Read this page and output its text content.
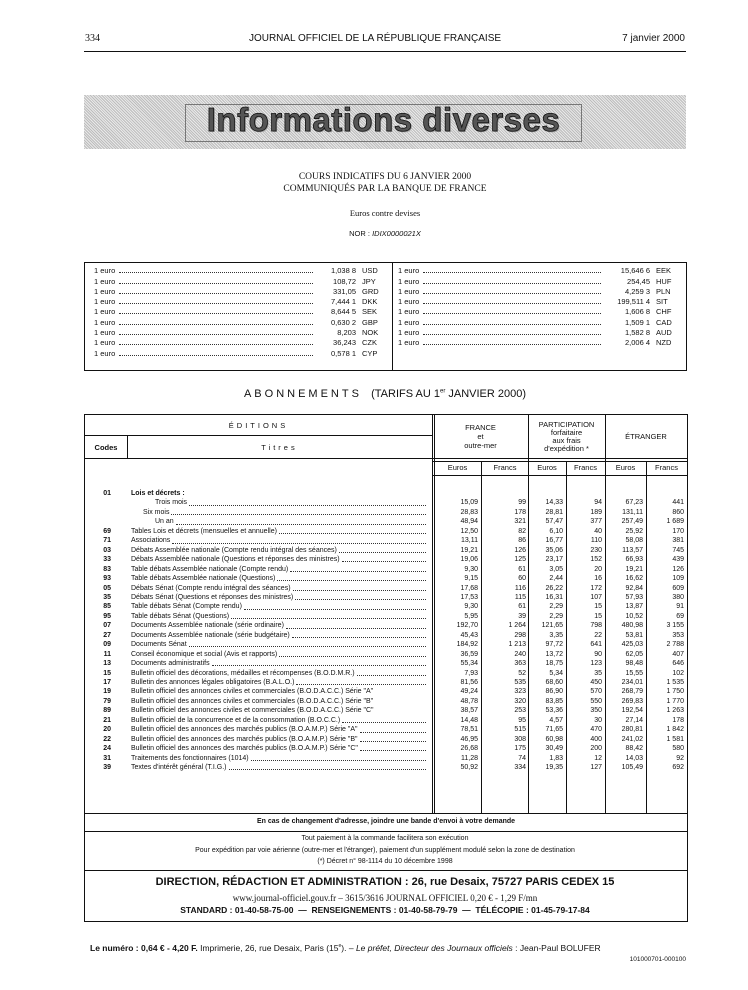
334	JOURNAL OFFICIEL DE LA RÉPUBLIQUE FRANÇAISE	7 janvier 2000
Informations diverses
COURS INDICATIFS DU 6 JANVIER 2000
COMMUNIQUÉS PAR LA BANQUE DE FRANCE
Euros contre devises
NOR : IDIX0000021X
1 euro	1,038 8 USD
1 euro	108,72 JPY
1 euro	331,05 GRD
1 euro	7,444 1 DKK
1 euro	8,644 5 SEK
1 euro	0,630 2 GBP
1 euro	8,203 NOK
1 euro	36,243 CZK
1 euro	0,578 1 CYP
1 euro	15,646 6 EEK
1 euro	254,45 HUF
1 euro	4,259 3 PLN
1 euro	199,511 4 SIT
1 euro	1,606 8 CHF
1 euro	1,509 1 CAD
1 euro	1,582 8 AUD
1 euro	2,006 4 NZD
ABONNEMENTS (TARIFS AU 1er JANVIER 2000)
ÉDITIONS
Codes	Titres
FRANCE
et
outre-mer
PARTICIPATION
forfaitaire
aux frais
d'expédition *
ÉTRANGER
Euros	Francs	Euros	Francs	Euros	Francs
01	Lois et décrets :
Trois mois	15,09	99	14,33	94	67,23	441
Six mois	28,83	178	28,81	189	131,11	860
Un an	48,94	321	57,47	377	257,49	1 689
69	Tables Lois et décrets (mensuelles et annuelle)	12,50	82	6,10	40	25,92	170
71	Associations	13,11	86	16,77	110	58,08	381
03	Débats Assemblée nationale (Compte rendu intégral des séances)	19,21	126	35,06	230	113,57	745
33	Débats Assemblée nationale (Questions et réponses des ministres)	19,06	125	23,17	152	66,93	439
83	Table débats Assemblée nationale (Compte rendu)	9,30	61	3,05	20	19,21	126
93	Table débats Assemblée nationale (Questions)	9,15	60	2,44	16	16,62	109
05	Débats Sénat (Compte rendu intégral des séances)	17,68	116	26,22	172	92,84	609
35	Débats Sénat (Questions et réponses des ministres)	17,53	115	16,31	107	57,93	380
85	Table débats Sénat (Compte rendu)	9,30	61	2,29	15	13,87	91
95	Table débats Sénat (Questions)	5,95	39	2,29	15	10,52	69
07	Documents Assemblée nationale (série ordinaire)	192,70	1 264	121,65	798	480,98	3 155
27	Documents Assemblée nationale (série budgétaire)	45,43	298	3,35	22	53,81	353
09	Documents Sénat	184,92	1 213	97,72	641	425,03	2 788
11	Conseil économique et social (Avis et rapports)	36,59	240	13,72	90	62,05	407
13	Documents administratifs	55,34	363	18,75	123	98,48	646
15	Bulletin officiel des décorations, médailles et récompenses (B.O.D.M.R.)	7,93	52	5,34	35	15,55	102
17	Bulletin des annonces légales obligatoires (B.A.L.O.)	81,56	535	68,60	450	234,01	1 535
19	Bulletin officiel des annonces civiles et commerciales (B.O.D.A.C.C.) Série "A"	49,24	323	86,90	570	268,79	1 750
79	Bulletin officiel des annonces civiles et commerciales (B.O.D.A.C.C.) Série "B"	48,78	320	83,85	550	269,83	1 770
89	Bulletin officiel des annonces civiles et commerciales (B.O.D.A.C.C.) Série "C"	38,57	253	53,36	350	192,54	1 263
21	Bulletin officiel de la concurrence et de la consommation (B.O.C.C.)	14,48	95	4,57	30	27,14	178
20	Bulletin officiel des annonces des marchés publics (B.O.A.M.P.) Série "A"	78,51	515	71,65	470	280,81	1 842
22	Bulletin officiel des annonces des marchés publics (B.O.A.M.P.) Série "B"	46,95	308	60,98	400	241,02	1 581
24	Bulletin officiel des annonces des marchés publics (B.O.A.M.P.) Série "C"	26,68	175	30,49	200	88,42	580
31	Traitements des fonctionnaires (1014)	11,28	74	1,83	12	14,03	92
39	Textes d'intérêt général (T.I.G.)	50,92	334	19,35	127	105,49	692
En cas de changement d'adresse, joindre une bande d'envoi à votre demande
Tout paiement à la commande facilitera son exécution
Pour expédition par voie aérienne (outre-mer et l'étranger), paiement d'un supplément modulé selon la zone de destination
(*) Décret n° 98-1114 du 10 décembre 1998
DIRECTION, RÉDACTION ET ADMINISTRATION : 26, rue Desaix, 75727 PARIS CEDEX 15
www.journal-officiel.gouv.fr – 3615/3616 JOURNAL OFFICIEL 0,20 € - 1,29 F/mn
STANDARD : 01-40-58-75-00 — RENSEIGNEMENTS : 01-40-58-79-79 — TÉLÉCOPIE : 01-45-79-17-84
Le numéro : 0,64 € - 4,20 F. Imprimerie, 26, rue Desaix, Paris (15e). – Le préfet, Directeur des Journaux officiels : Jean-Paul BOLUFER
101000701-000100
